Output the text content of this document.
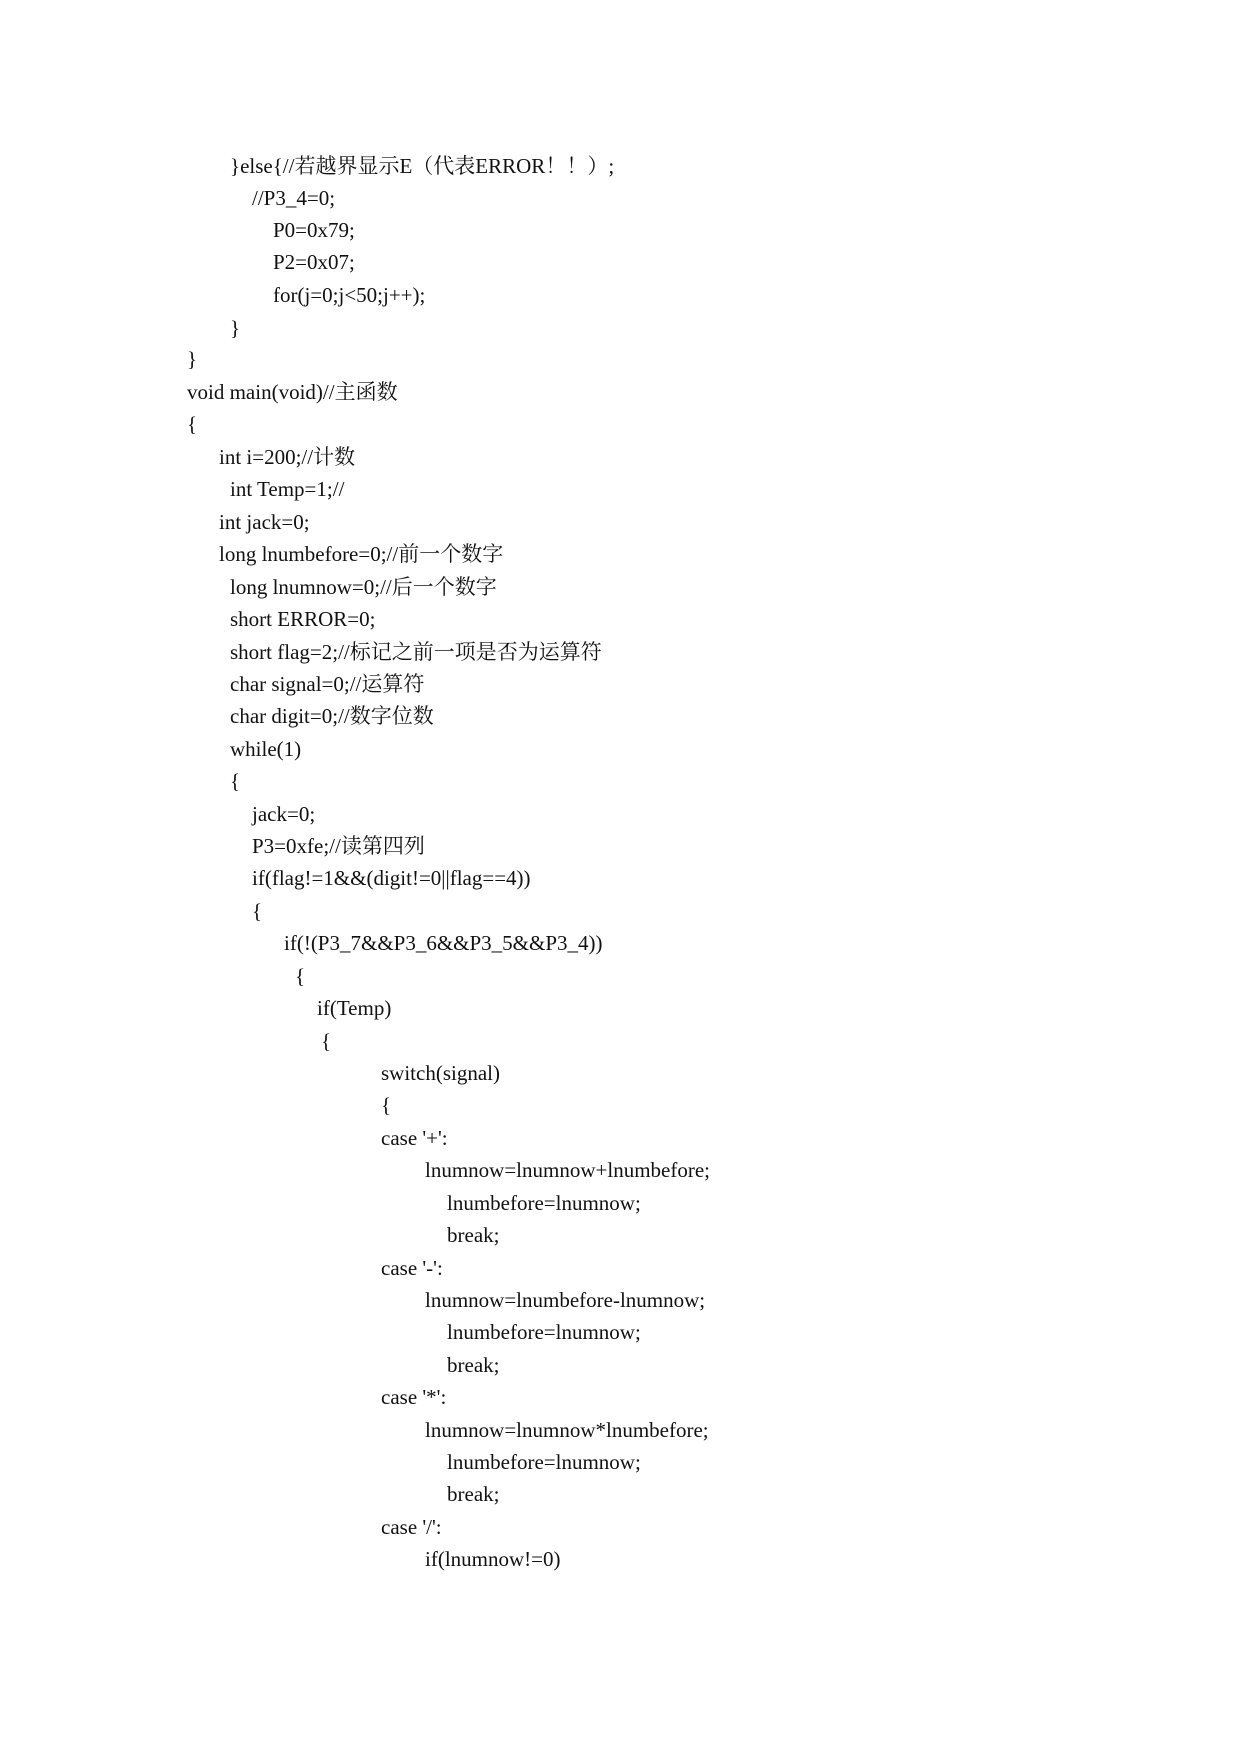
}else{//若越界显示E（代表ERROR！！）;
//P3_4=0;
P0=0x79;
P2=0x07;
for(j=0;j<50;j++);
}
}
void main(void)//主函数
{
int i=200;//计数
int Temp=1;//
int jack=0;
long lnumbefore=0;//前一个数字
long lnumnow=0;//后一个数字
short ERROR=0;
short flag=2;//标记之前一项是否为运算符
char signal=0;//运算符
char digit=0;//数字位数
while(1)
{
jack=0;
P3=0xfe;//读第四列
if(flag!=1&&(digit!=0||flag==4))
{
if(!(P3_7&&P3_6&&P3_5&&P3_4))
{
if(Temp)
{
switch(signal)
{
case '+':
lnumnow=lnumnow+lnumbefore;
lnumbefore=lnumnow;
break;
case '-':
lnumnow=lnumbefore-lnumnow;
lnumbefore=lnumnow;
break;
case '*':
lnumnow=lnumnow*lnumbefore;
lnumbefore=lnumnow;
break;
case '/':
if(lnumnow!=0)
